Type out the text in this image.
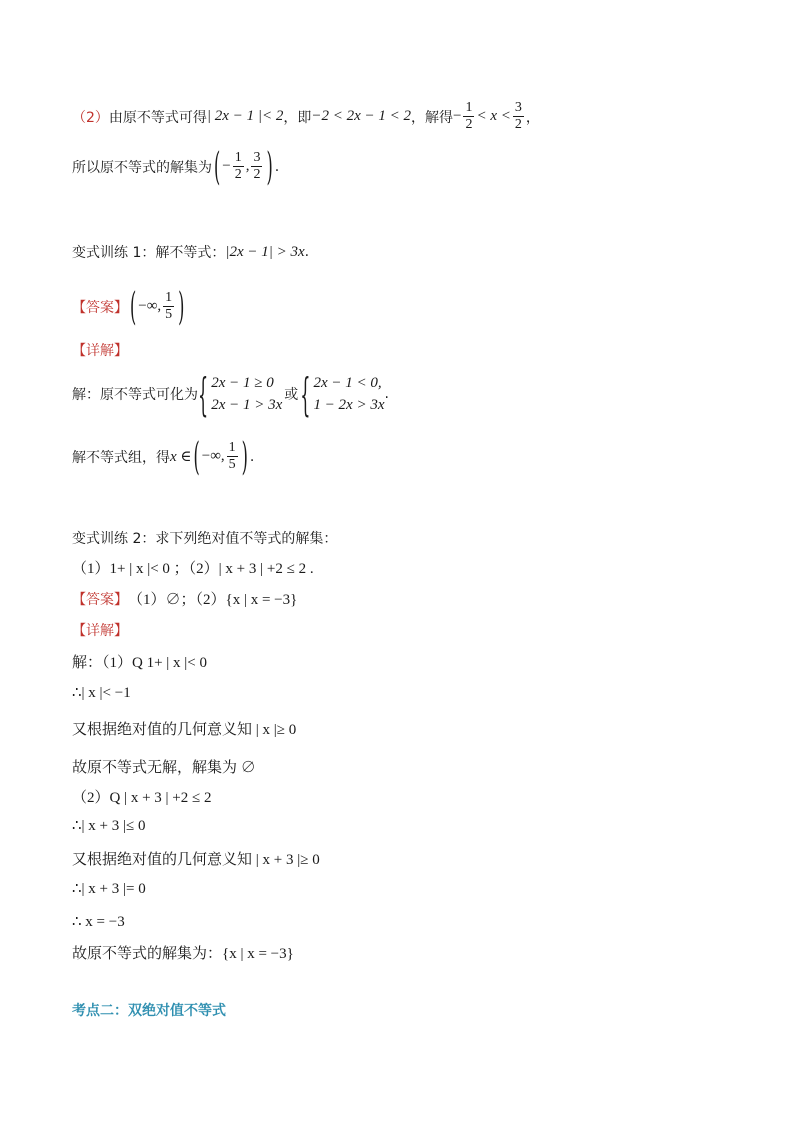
（2） 由原不等式可得 | 2x − 1 |< 2 ，即 −2 < 2x − 1 < 2 ，解得 − $\frac{1}{2} < x < \frac{3}{2}$ ，
所以原不等式的解集为 ( − $\frac{1}{2}$ , $\frac{3}{2}$ ) .
变式训练 1：解不等式： |2x − 1| > 3x .
【答案】 ( −∞, $\frac{1}{5}$ )
【详解】
解：原不等式可化为 { 2x − 1 ≥ 0
2x − 1 > 3x
或 { 2x − 1 < 0,
1 − 2x > 3x
.
解不等式组，得 x ∈ ( −∞, $\frac{1}{5}$ ) .
变式训练 2：求下列绝对值不等式的解集：
（1）1+ | x |< 0 ；（2）| x + 3 | +2 ≤ 2 .
【答案】 （1）∅；（2）{x | x = −3}
【详解】
解：（1）Q 1+ | x |< 0
∴| x |< −1
又根据绝对值的几何意义知 | x |≥ 0
故原不等式无解，解集为 ∅
（2）Q | x + 3 | +2 ≤ 2
∴| x + 3 |≤ 0
又根据绝对值的几何意义知 | x + 3 |≥ 0
∴| x + 3 |= 0
∴ x = −3
故原不等式的解集为：{x | x = −3}
考点二：双绝对值不等式
